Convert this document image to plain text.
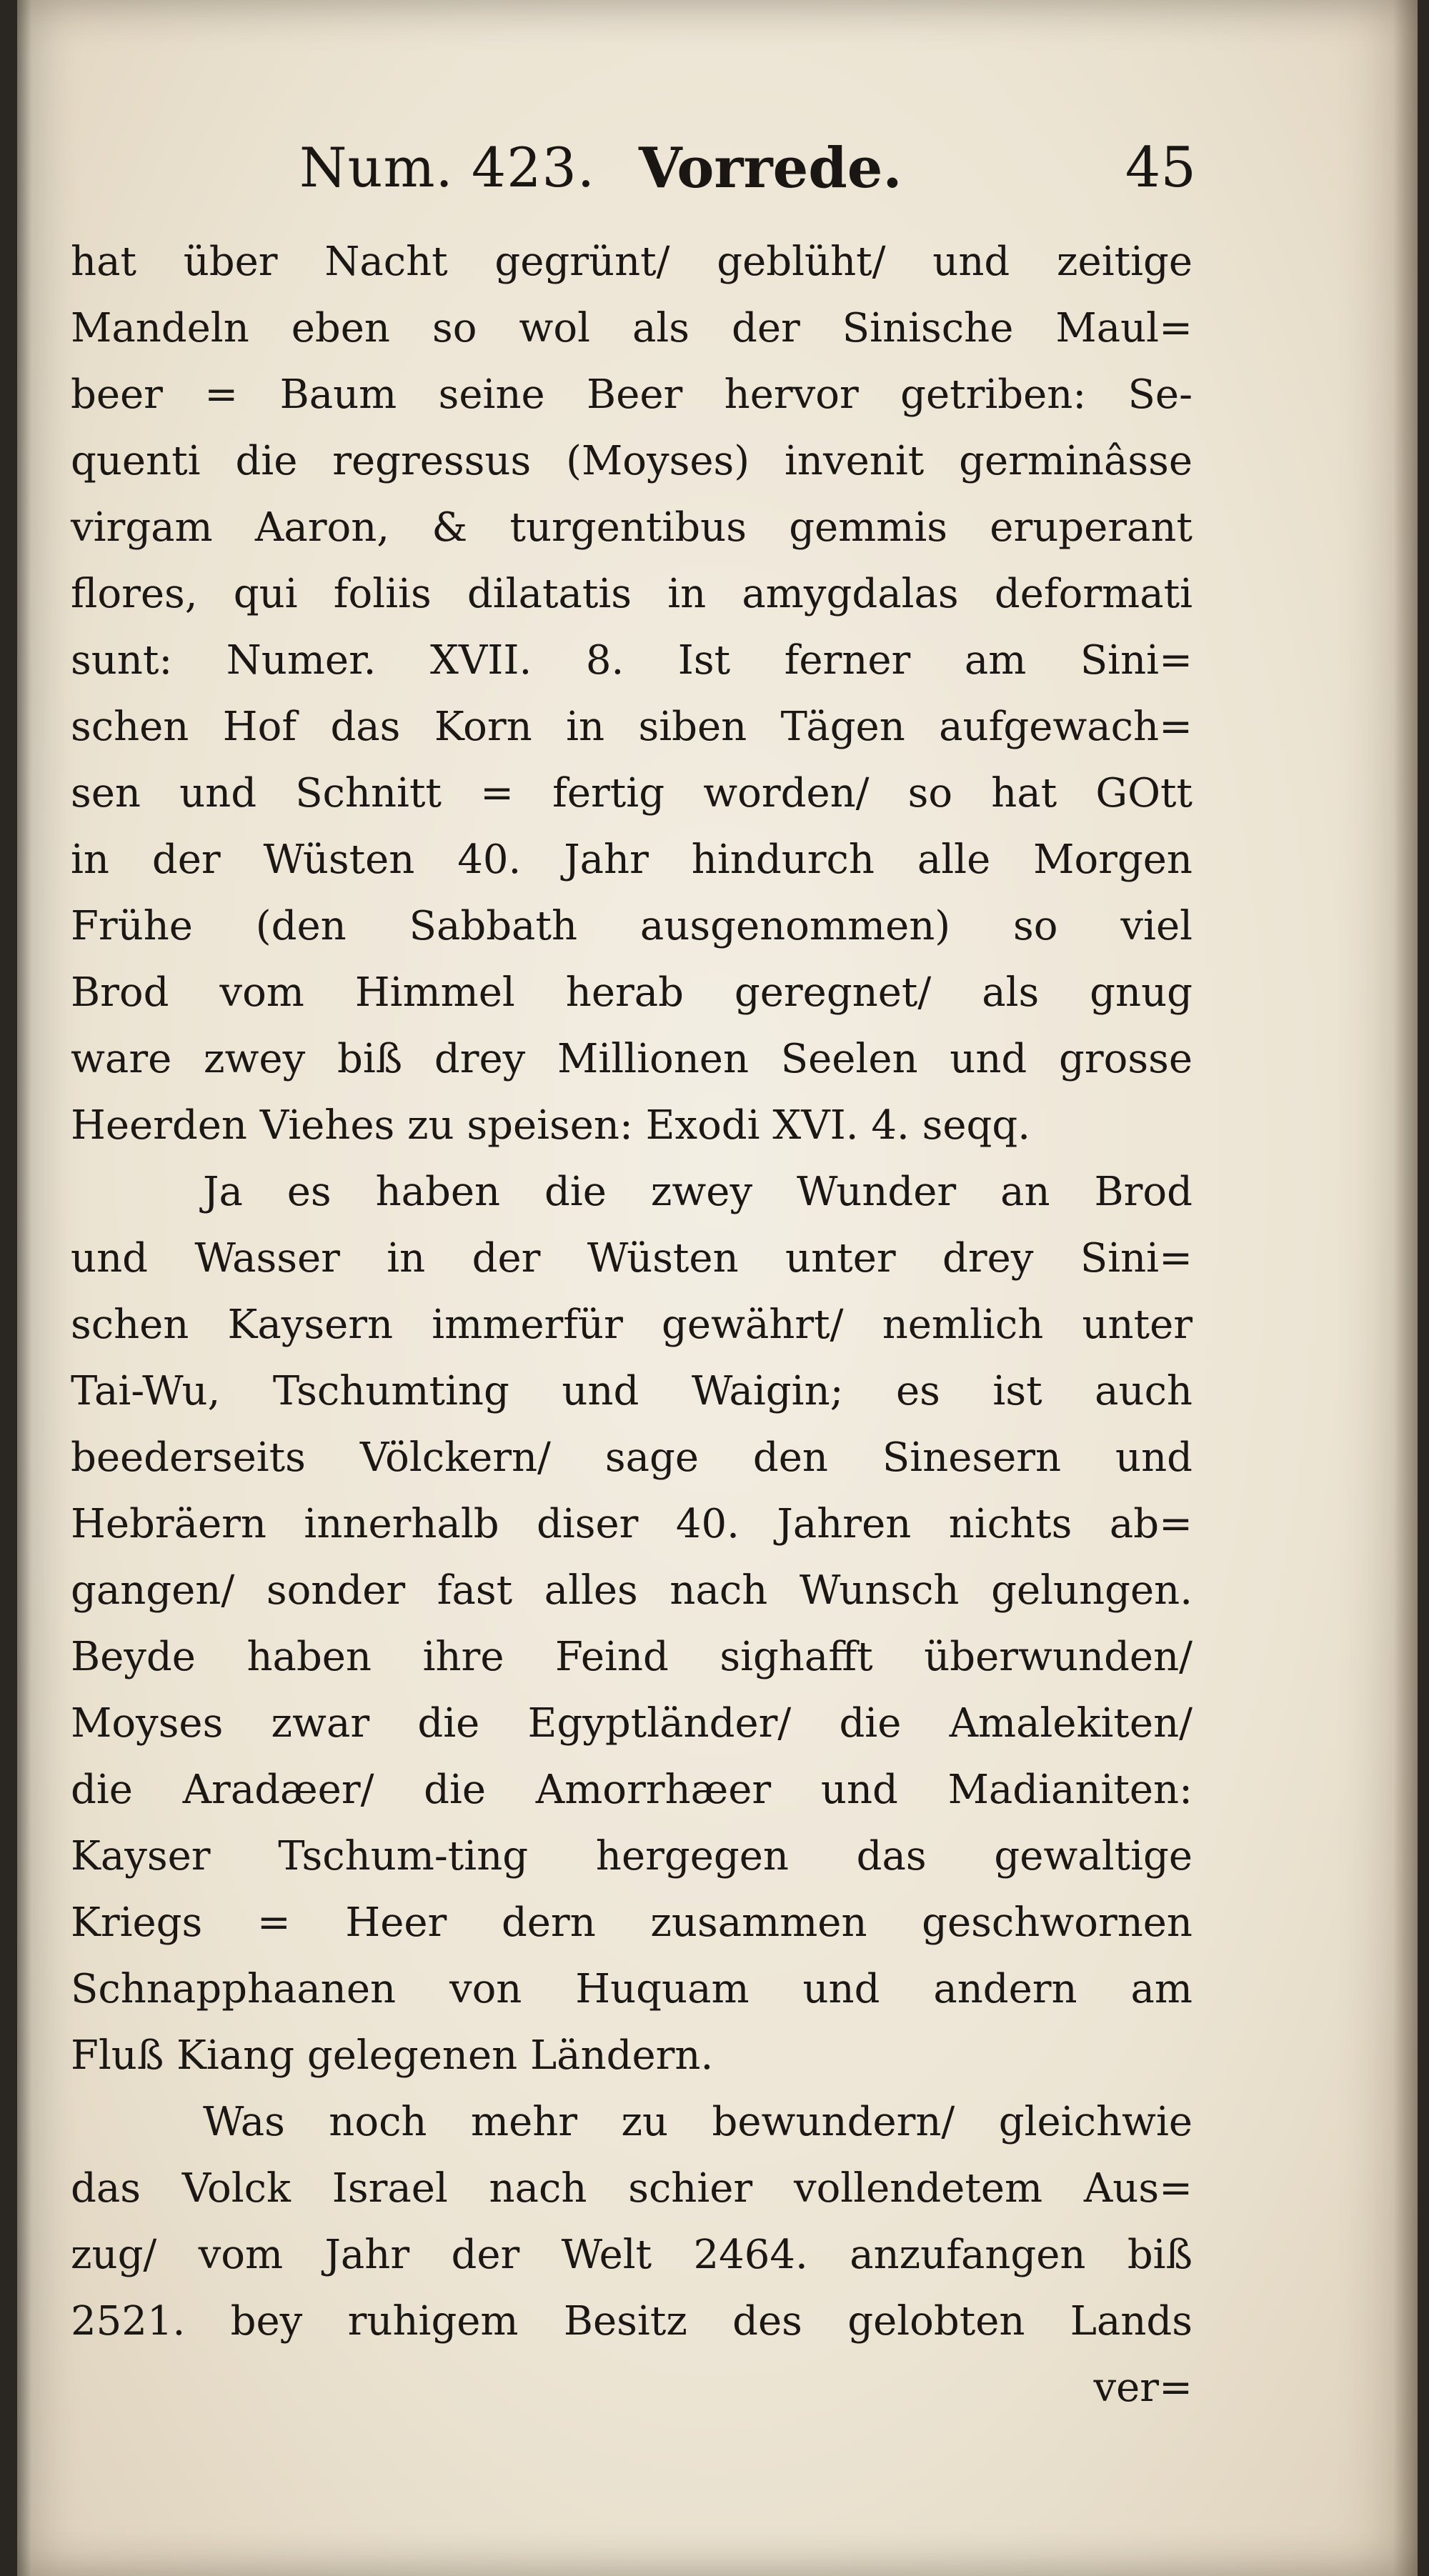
Num. 423. Vorrede.	45
hat über Nacht gegrünt/ geblüht/ und zeitige
Mandeln eben so wol als der Sinische Maul=
beer = Baum seine Beer hervor getriben: Se-
quenti die regressus (Moyses) invenit germinâsse
virgam Aaron, & turgentibus gemmis eruperant
flores, qui foliis dilatatis in amygdalas deformati
sunt: Numer. XVII. 8. Ist ferner am Sini=
schen Hof das Korn in siben Tägen aufgewach=
sen und Schnitt = fertig worden/ so hat GOtt
in der Wüsten 40. Jahr hindurch alle Morgen
Frühe (den Sabbath ausgenommen) so viel
Brod vom Himmel herab geregnet/ als gnug
ware zwey biß drey Millionen Seelen und grosse
Heerden Viehes zu speisen: Exodi XVI. 4. seqq.
Ja es haben die zwey Wunder an Brod
und Wasser in der Wüsten unter drey Sini=
schen Kaysern immerfür gewährt/ nemlich unter
Tai-Wu, Tschumting und Waigin; es ist auch
beederseits Völckern/ sage den Sinesern und
Hebräern innerhalb diser 40. Jahren nichts ab=
gangen/ sonder fast alles nach Wunsch gelungen.
Beyde haben ihre Feind sighafft überwunden/
Moyses zwar die Egyptländer/ die Amalekiten/
die Aradæer/ die Amorrhæer und Madianiten:
Kayser Tschum-ting hergegen das gewaltige
Kriegs = Heer dern zusammen geschwornen
Schnapphaanen von Huquam und andern am
Fluß Kiang gelegenen Ländern.
Was noch mehr zu bewundern/ gleichwie
das Volck Israel nach schier vollendetem Aus=
zug/ vom Jahr der Welt 2464. anzufangen biß
2521. bey ruhigem Besitz des gelobten Lands
ver=
